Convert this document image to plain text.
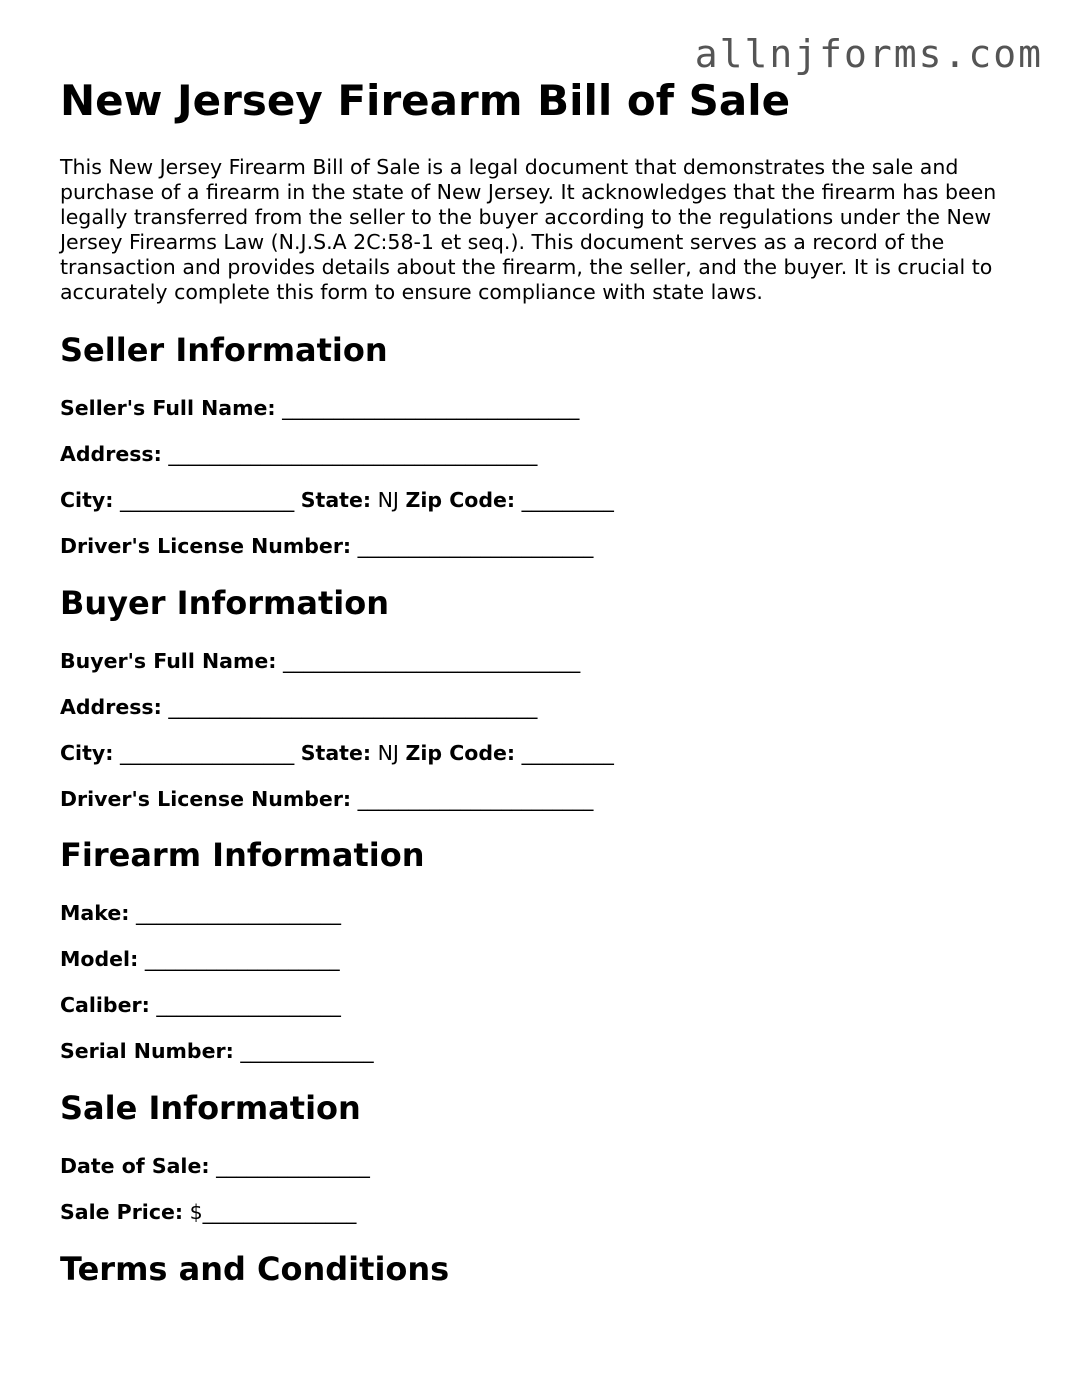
allnjforms.com
New Jersey Firearm Bill of Sale

This New Jersey Firearm Bill of Sale is a legal document that demonstrates the sale and purchase of a firearm in the state of New Jersey. It acknowledges that the firearm has been legally transferred from the seller to the buyer according to the regulations under the New Jersey Firearms Law (N.J.S.A 2C:58-1 et seq.). This document serves as a record of the transaction and provides details about the firearm, the seller, and the buyer. It is crucial to accurately complete this form to ensure compliance with state laws.

Seller Information
Seller's Full Name: _____________________________
Address: ____________________________________
City: _________________ State: NJ Zip Code: _________
Driver's License Number: _______________________
Buyer Information
Buyer's Full Name: _____________________________
Address: ____________________________________
City: _________________ State: NJ Zip Code: _________
Driver's License Number: _______________________
Firearm Information
Make: ____________________
Model: ___________________
Caliber: __________________
Serial Number: _____________
Sale Information
Date of Sale: _______________
Sale Price: $_______________
Terms and Conditions
